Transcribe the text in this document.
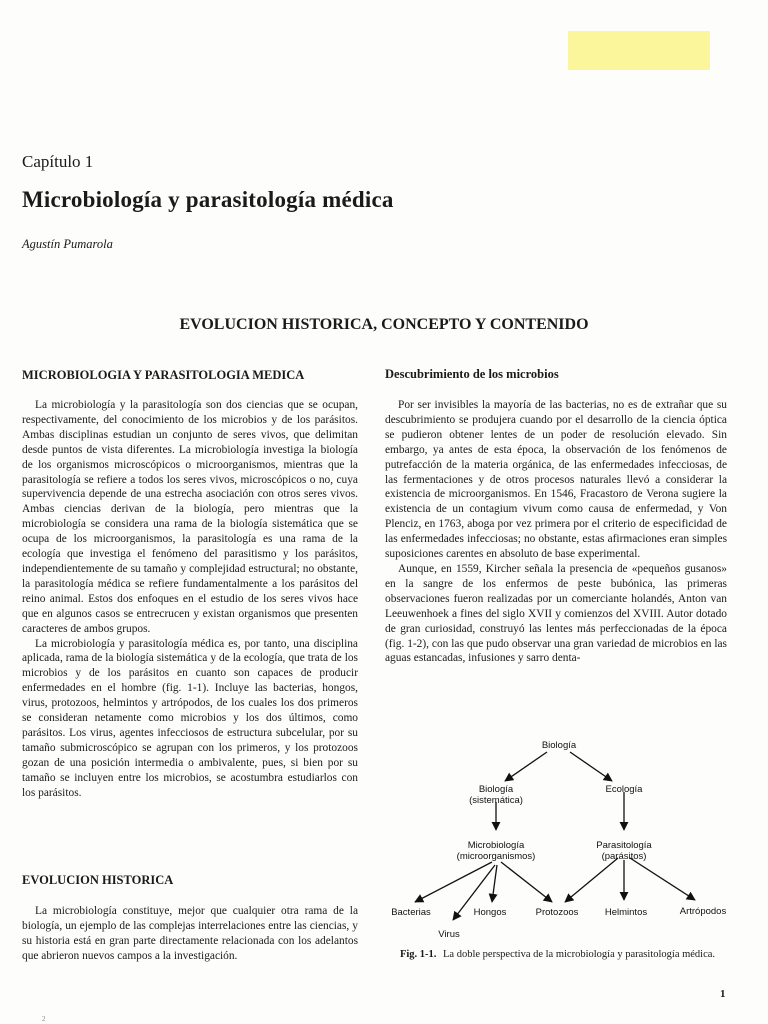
Capítulo 1
Microbiología y parasitología médica
Agustín Pumarola
EVOLUCION HISTORICA, CONCEPTO Y CONTENIDO
MICROBIOLOGIA Y PARASITOLOGIA MEDICA

La microbiología y la parasitología son dos ciencias que se ocupan, respectivamente, del conocimiento de los microbios y de los parásitos. Ambas disciplinas estudian un conjunto de seres vivos, que delimitan desde puntos de vista diferentes. La microbiología investiga la biología de los organismos microscópicos o microorganismos, mientras que la parasitología se refiere a todos los seres vivos, microscópicos o no, cuya supervivencia depende de una estrecha asociación con otros seres vivos. Ambas ciencias derivan de la biología, pero mientras que la microbiología se considera una rama de la biología sistemática que se ocupa de los microorganismos, la parasitología es una rama de la ecología que investiga el fenómeno del parasitismo y los parásitos, independientemente de su tamaño y complejidad estructural; no obstante, la parasitología médica se refiere fundamentalmente a los parásitos del reino animal. Estos dos enfoques en el estudio de los seres vivos hace que en algunos casos se entrecrucen y existan organismos que presenten caracteres de ambos grupos.

La microbiología y parasitología médica es, por tanto, una disciplina aplicada, rama de la biología sistemática y de la ecología, que trata de los microbios y de los parásitos en cuanto son capaces de producir enfermedades en el hombre (fig. 1-1). Incluye las bacterias, hongos, virus, protozoos, helmintos y artrópodos, de los cuales los dos primeros se consideran netamente como microbios y los dos últimos, como parásitos. Los virus, agentes infecciosos de estructura subcelular, por su tamaño submicroscópico se agrupan con los primeros, y los protozoos gozan de una posición intermedia o ambivalente, pues, si bien por su tamaño se incluyen entre los microbios, se acostumbra estudiarlos con los parásitos.

EVOLUCION HISTORICA

La microbiología constituye, mejor que cualquier otra rama de la biología, un ejemplo de las complejas interrelaciones entre las ciencias, y su historia está en gran parte directamente relacionada con los adelantos que abrieron nuevos campos a la investigación.

Descubrimiento de los microbios

Por ser invisibles la mayoría de las bacterias, no es de extrañar que su descubrimiento se produjera cuando por el desarrollo de la ciencia óptica se pudieron obtener lentes de un poder de resolución elevado. Sin embargo, ya antes de esta época, la observación de los fenómenos de putrefacción de la materia orgánica, de las enfermedades infecciosas, de las fermentaciones y de otros procesos naturales llevó a considerar la existencia de microorganismos. En 1546, Fracastoro de Verona sugiere la existencia de un contagium vivum como causa de enfermedad, y Von Plenciz, en 1763, aboga por vez primera por el criterio de especificidad de las enfermedades infecciosas; no obstante, estas afirmaciones eran simples suposiciones carentes en absoluto de base experimental.

Aunque, en 1559, Kircher señala la presencia de «pequeños gusanos» en la sangre de los enfermos de peste bubónica, las primeras observaciones fueron realizadas por un comerciante holandés, Anton van Leeuwenhoek a fines del siglo XVII y comienzos del XVIII. Autor dotado de gran curiosidad, construyó las lentes más perfeccionadas de la época (fig. 1-2), con las que pudo observar una gran variedad de microbios en las aguas estancadas, infusiones y sarro denta-

Biología
Biología
(sistemática)
Ecología
Microbiología
(microorganismos)
Parasitología
(parásitos)
Bacterias
Virus
Hongos	Protozoos	Helmintos	Artrópodos
Fig. 1-1. La doble perspectiva de la microbiología y parasitología médica.
1
2
